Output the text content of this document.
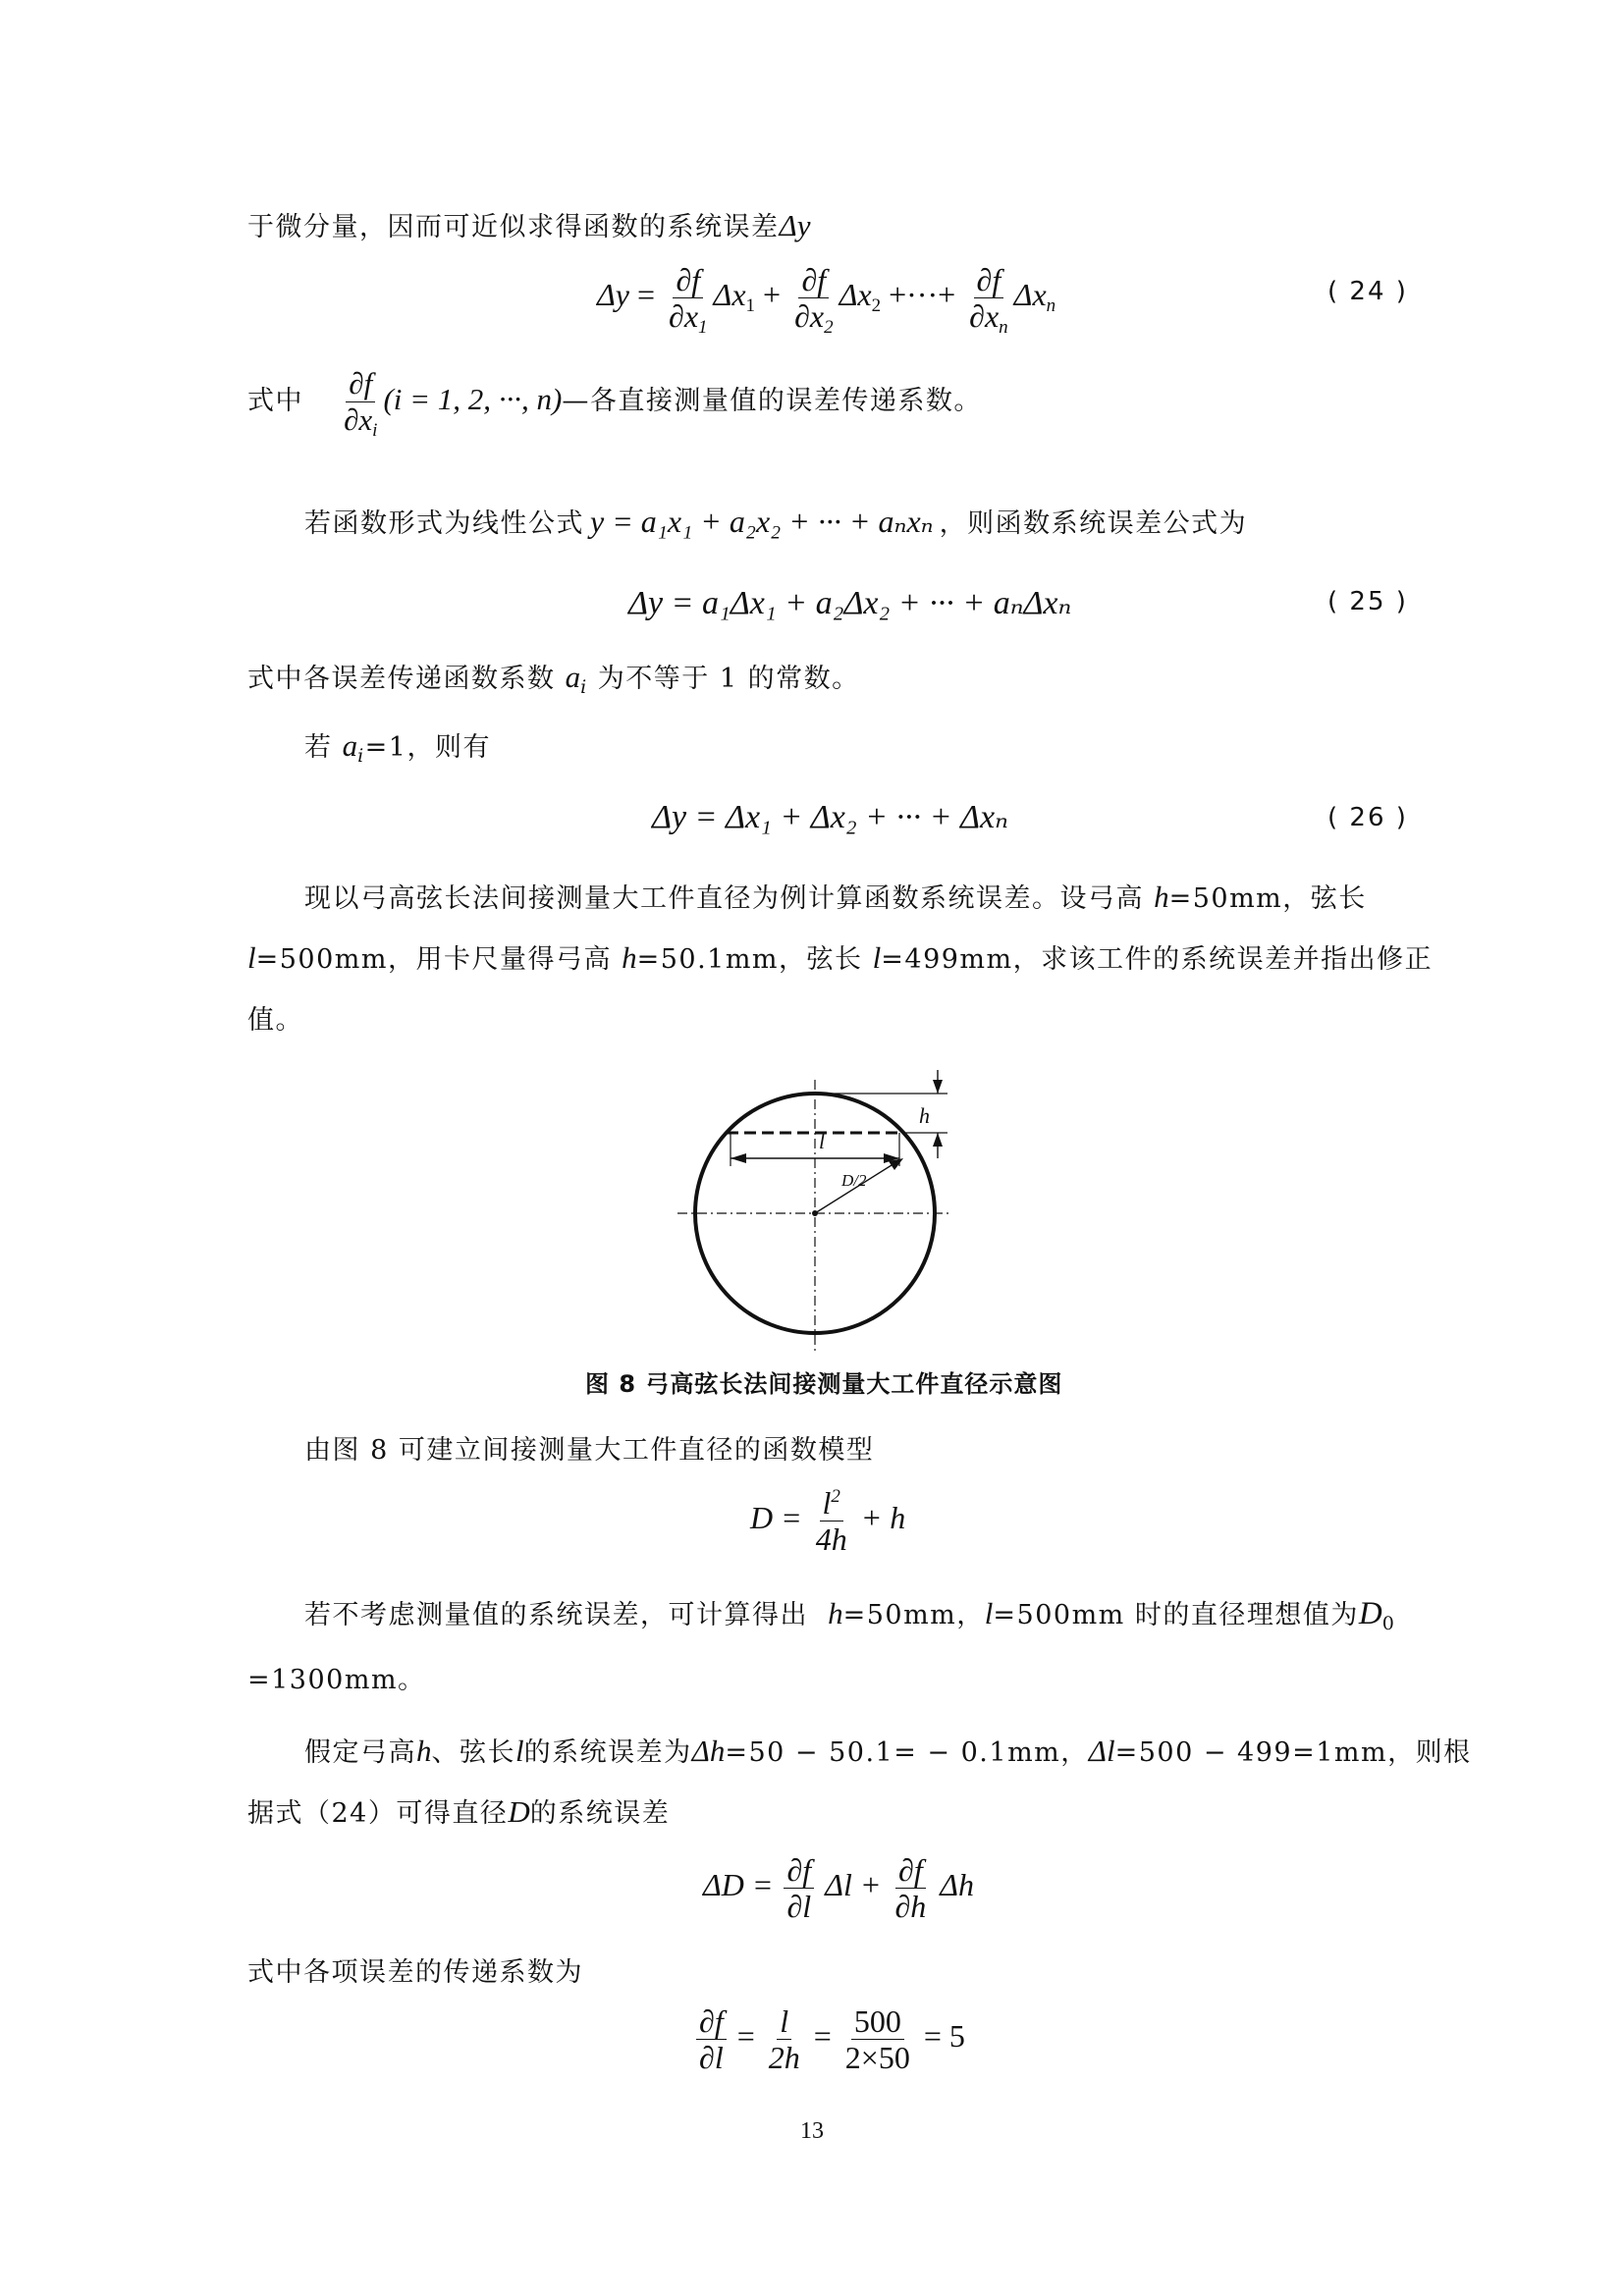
于微分量，因而可近似求得函数的系统误差Δy
$\Delta y = \frac{\partial f}{\partial x_1} \Delta x_1 + \frac{\partial f}{\partial x_2} \Delta x_2$ +···+ $\frac{\partial f}{\partial x_n} \Delta x_n$	( 24 )
式中 $\frac{\partial f}{\partial x_i} (i = 1$, 2, ···, n)—各直接测量值的误差传递系数。
若函数形式为线性公式 y = a₁x₁ + a₂x₂ + ··· + aₙxₙ ，则函数系统误差公式为
Δy = a₁Δx₁ + a₂Δx₂ + ··· + aₙΔxₙ	( 25 )
式中各误差传递函数系数 $a_i$ 为不等于 1 的常数。
若 $a_i=1$，则有
Δy = Δx₁ + Δx₂ + ··· + Δxₙ	( 26 )
现以弓高弦长法间接测量大工件直径为例计算函数系统误差。设弓高 h=50mm，弦长
l=500mm，用卡尺量得弓高 h=50.1mm，弦长 l=499mm，求该工件的系统误差并指出修正
值。
h
l
D/2
图 8 弓高弦长法间接测量大工件直径示意图
由图 8 可建立间接测量大工件直径的函数模型
$D = \frac{l^2}{4h} + h$
若不考虑测量值的系统误差，可计算得出 h=50mm，l=500mm 时的直径理想值为$D_0$
=1300mm。
假定弓高h、弦长l的系统误差为Δh=50 − 50.1= − 0.1mm，Δl=500 − 499=1mm，则根
据式（24）可得直径D的系统误差
$\Delta D = \frac{\partial f}{\partial l}$ $\Delta l + \frac{\partial f}{\partial h}$ Δh
式中各项误差的传递系数为
$\frac{\partial f}{\partial l} = \frac{l}{2h} = \frac{500}{2\times 50} = 5$
13
